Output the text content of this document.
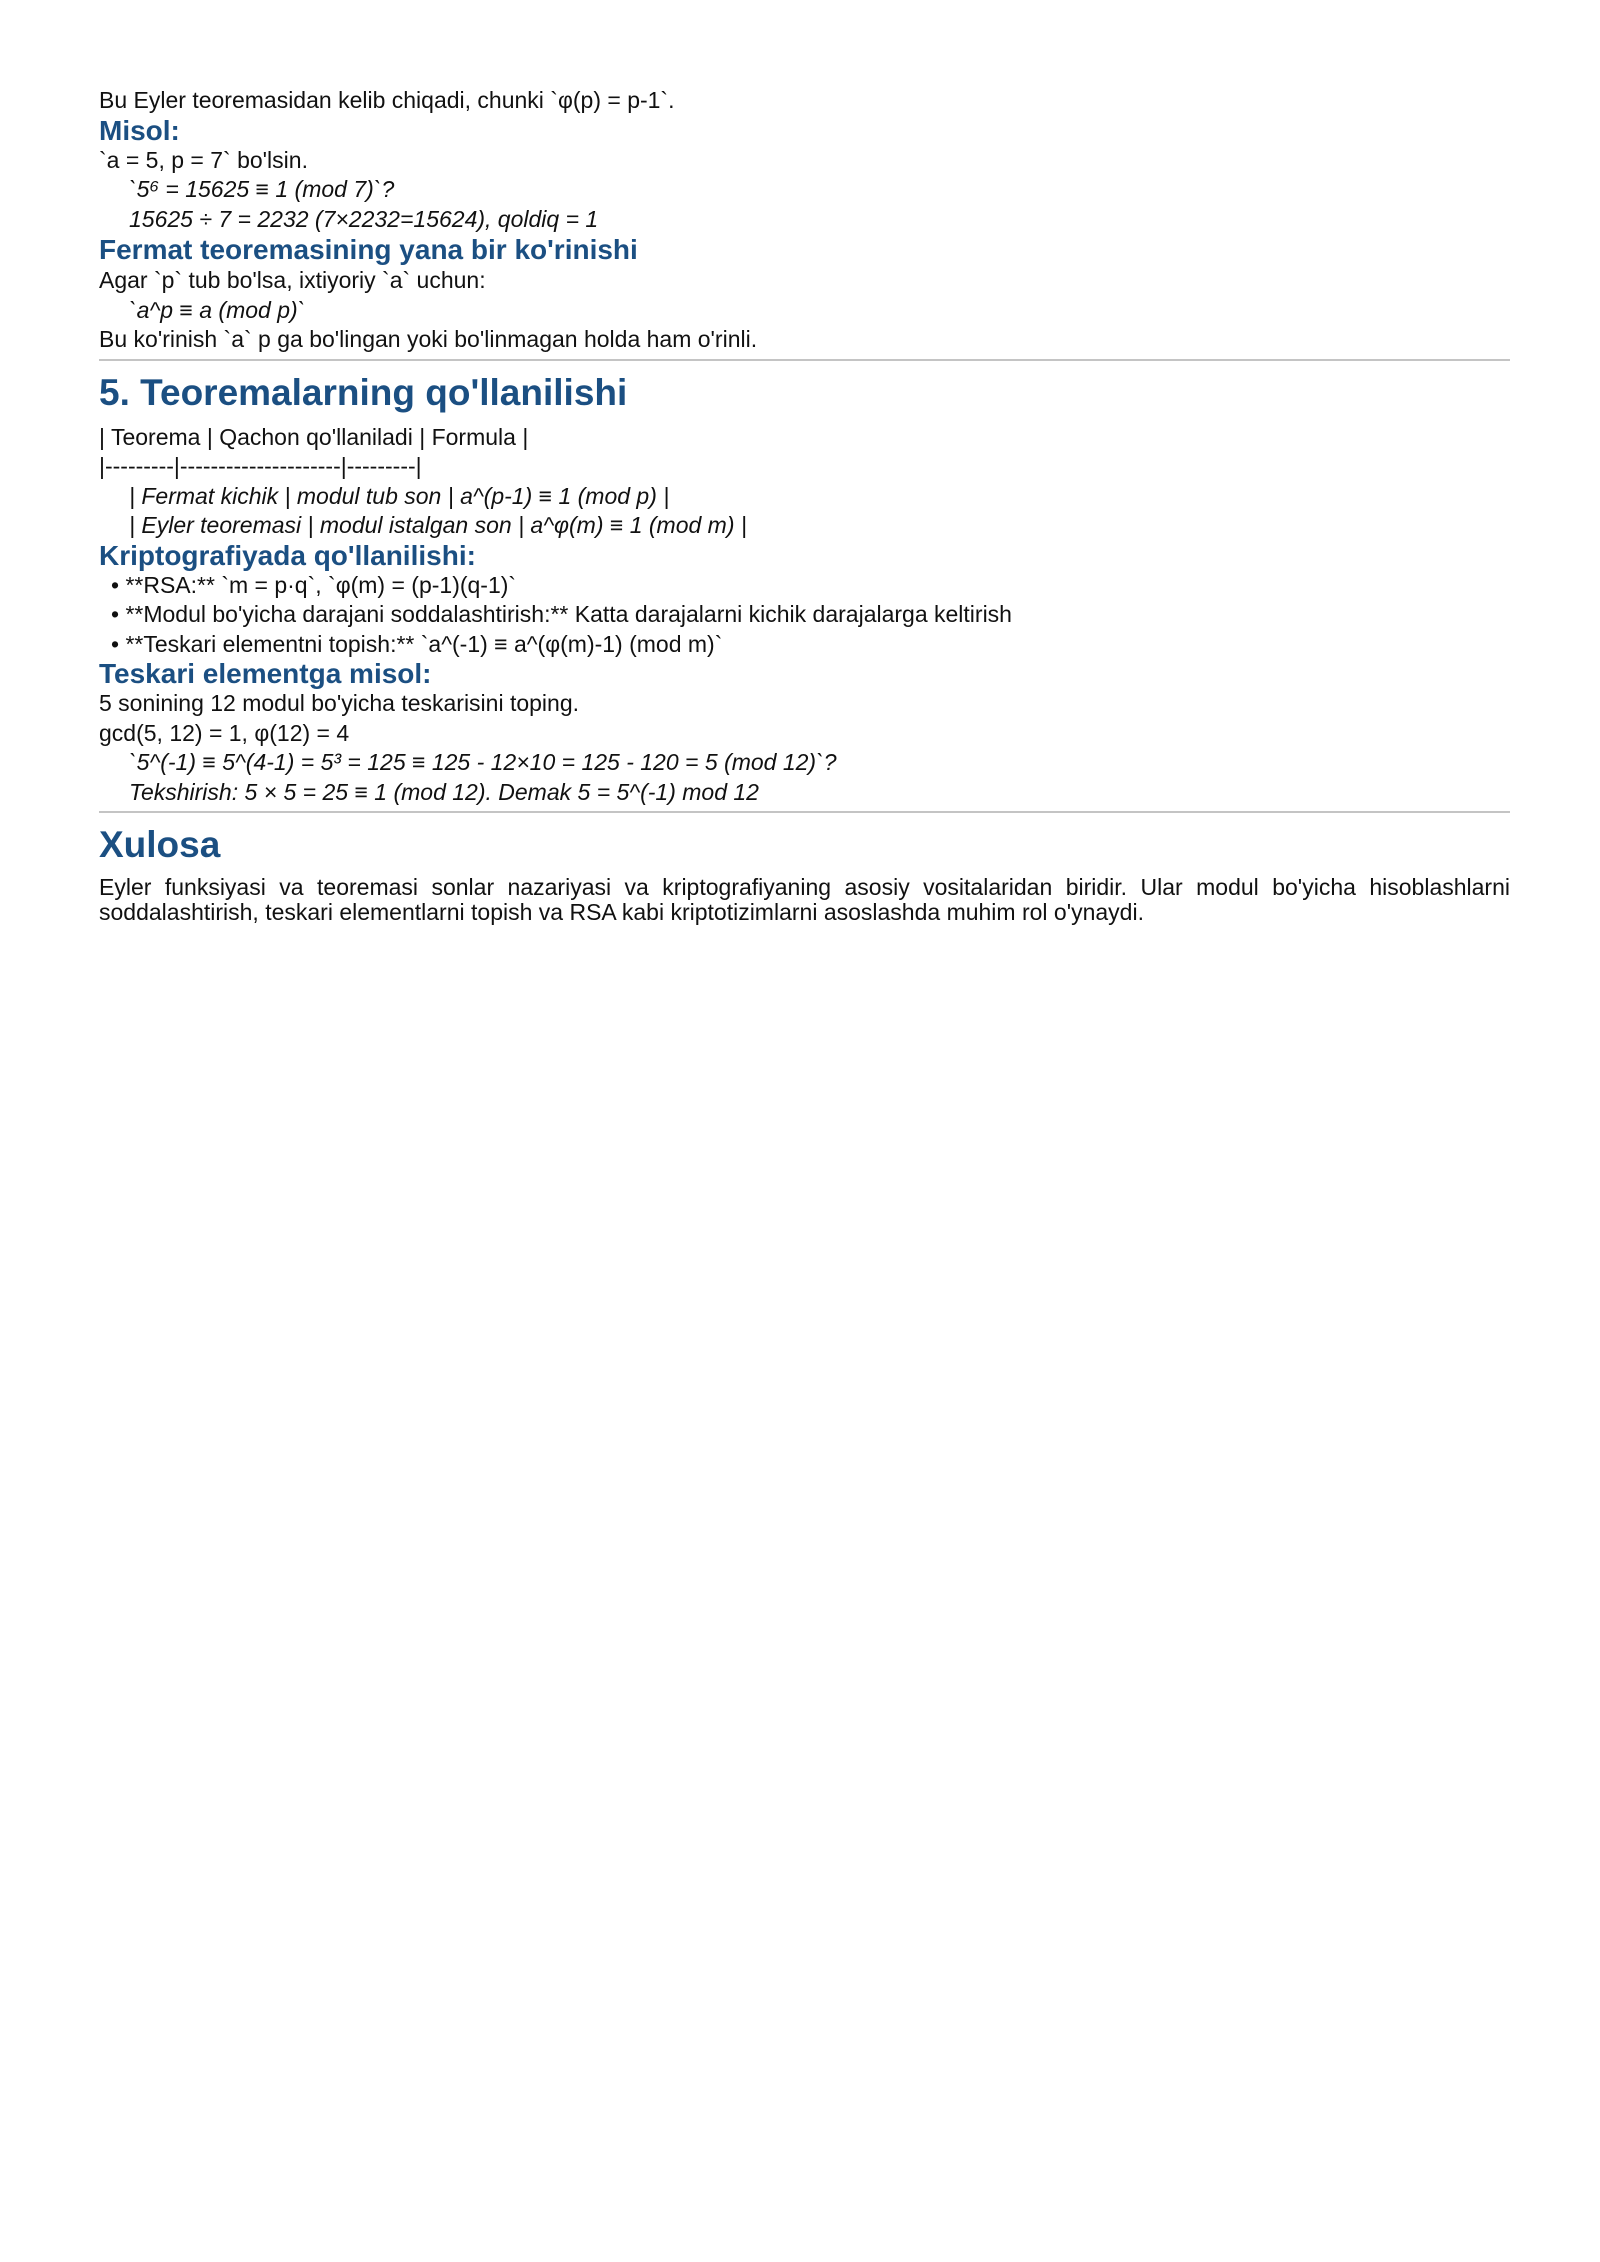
Bu Eyler teoremasidan kelib chiqadi, chunki `φ(p) = p-1`.

Misol:

`a = 5, p = 7` bo'lsin.

`5⁶ = 15625 ≡ 1 (mod 7)`?

15625 ÷ 7 = 2232 (7×2232=15624), qoldiq = 1

Fermat teoremasining yana bir ko'rinishi

Agar `p` tub bo'lsa, ixtiyoriy `a` uchun:

`a^p ≡ a (mod p)`

Bu ko'rinish `a` p ga bo'lingan yoki bo'linmagan holda ham o'rinli.

5. Teoremalarning qo'llanilishi

| Teorema | Qachon qo'llaniladi | Formula |

|---------|---------------------|---------|

| Fermat kichik | modul tub son | a^(p-1) ≡ 1 (mod p) |

| Eyler teoremasi | modul istalgan son | a^φ(m) ≡ 1 (mod m) |

Kriptografiyada qo'llanilishi:

• **RSA:** `m = p·q`, `φ(m) = (p-1)(q-1)`

• **Modul bo'yicha darajani soddalashtirish:** Katta darajalarni kichik darajalarga keltirish

• **Teskari elementni topish:** `a^(-1) ≡ a^(φ(m)-1) (mod m)`

Teskari elementga misol:

5 sonining 12 modul bo'yicha teskarisini toping.

gcd(5, 12) = 1, φ(12) = 4

`5^(-1) ≡ 5^(4-1) = 5³ = 125 ≡ 125 - 12×10 = 125 - 120 = 5 (mod 12)`?

Tekshirish: 5 × 5 = 25 ≡ 1 (mod 12). Demak 5 = 5^(-1) mod 12

Xulosa

Eyler funksiyasi va teoremasi sonlar nazariyasi va kriptografiyaning asosiy vositalaridan biridir. Ular modul bo'yicha hisoblashlarni soddalashtirish, teskari elementlarni topish va RSA kabi kriptotizimlarni asoslashda muhim rol o'ynaydi.
